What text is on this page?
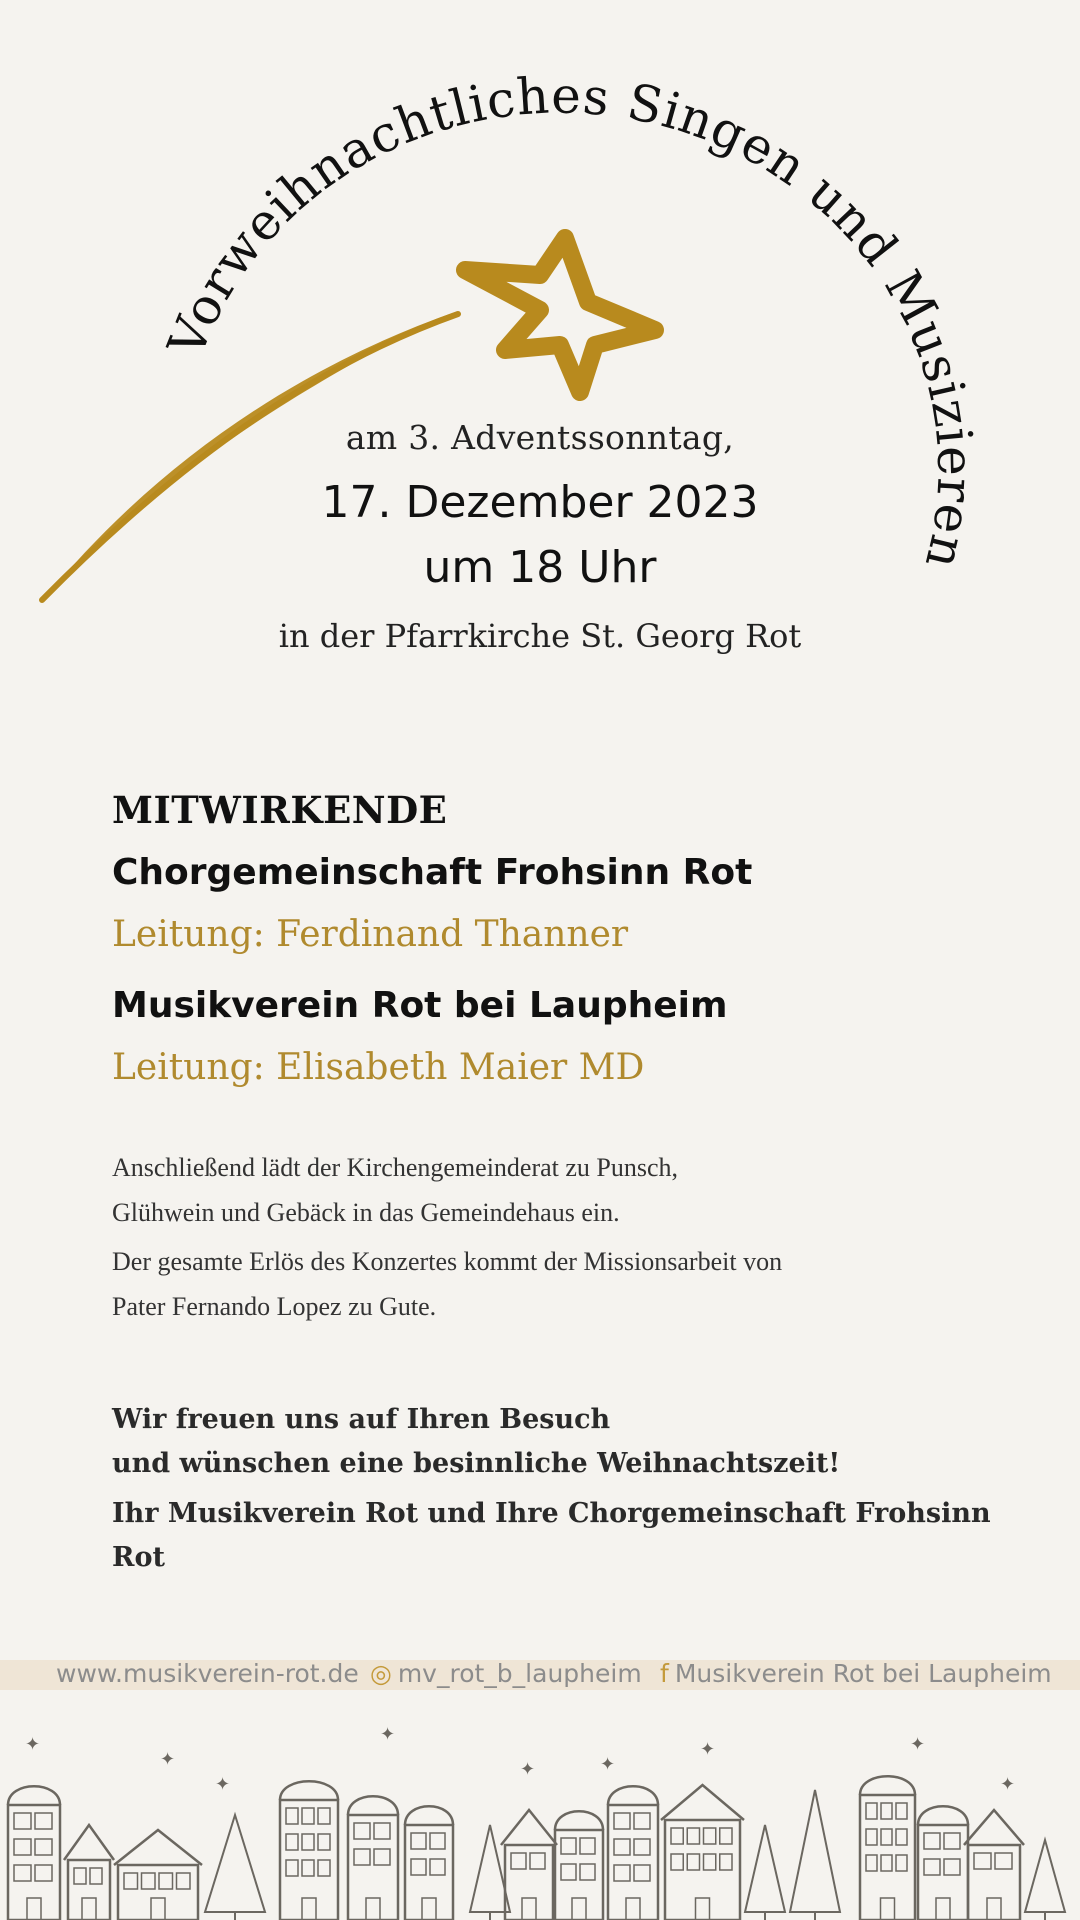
Vorweihnachtliches Singen und Musizieren
am 3. Adventssonntag,
17. Dezember 2023
um 18 Uhr
in der Pfarrkirche St. Georg Rot
MITWIRKENDE
Chorgemeinschaft Frohsinn Rot
Leitung: Ferdinand Thanner
Musikverein Rot bei Laupheim
Leitung: Elisabeth Maier MD

Anschließend lädt der Kirchengemeinderat zu Punsch,

Glühwein und Gebäck in das Gemeindehaus ein.

Der gesamte Erlös des Konzertes kommt der Missionsarbeit von

Pater Fernando Lopez zu Gute.

Wir freuen uns auf Ihren Besuch

und wünschen eine besinnliche Weihnachtszeit!

Ihr Musikverein Rot und Ihre Chorgemeinschaft Frohsinn Rot

www.musikverein-rot.de ◎ mv_rot_b_laupheim f Musikverein Rot bei Laupheim
✦
✦
✦
✦
✦
✦	✦
✦
✦
